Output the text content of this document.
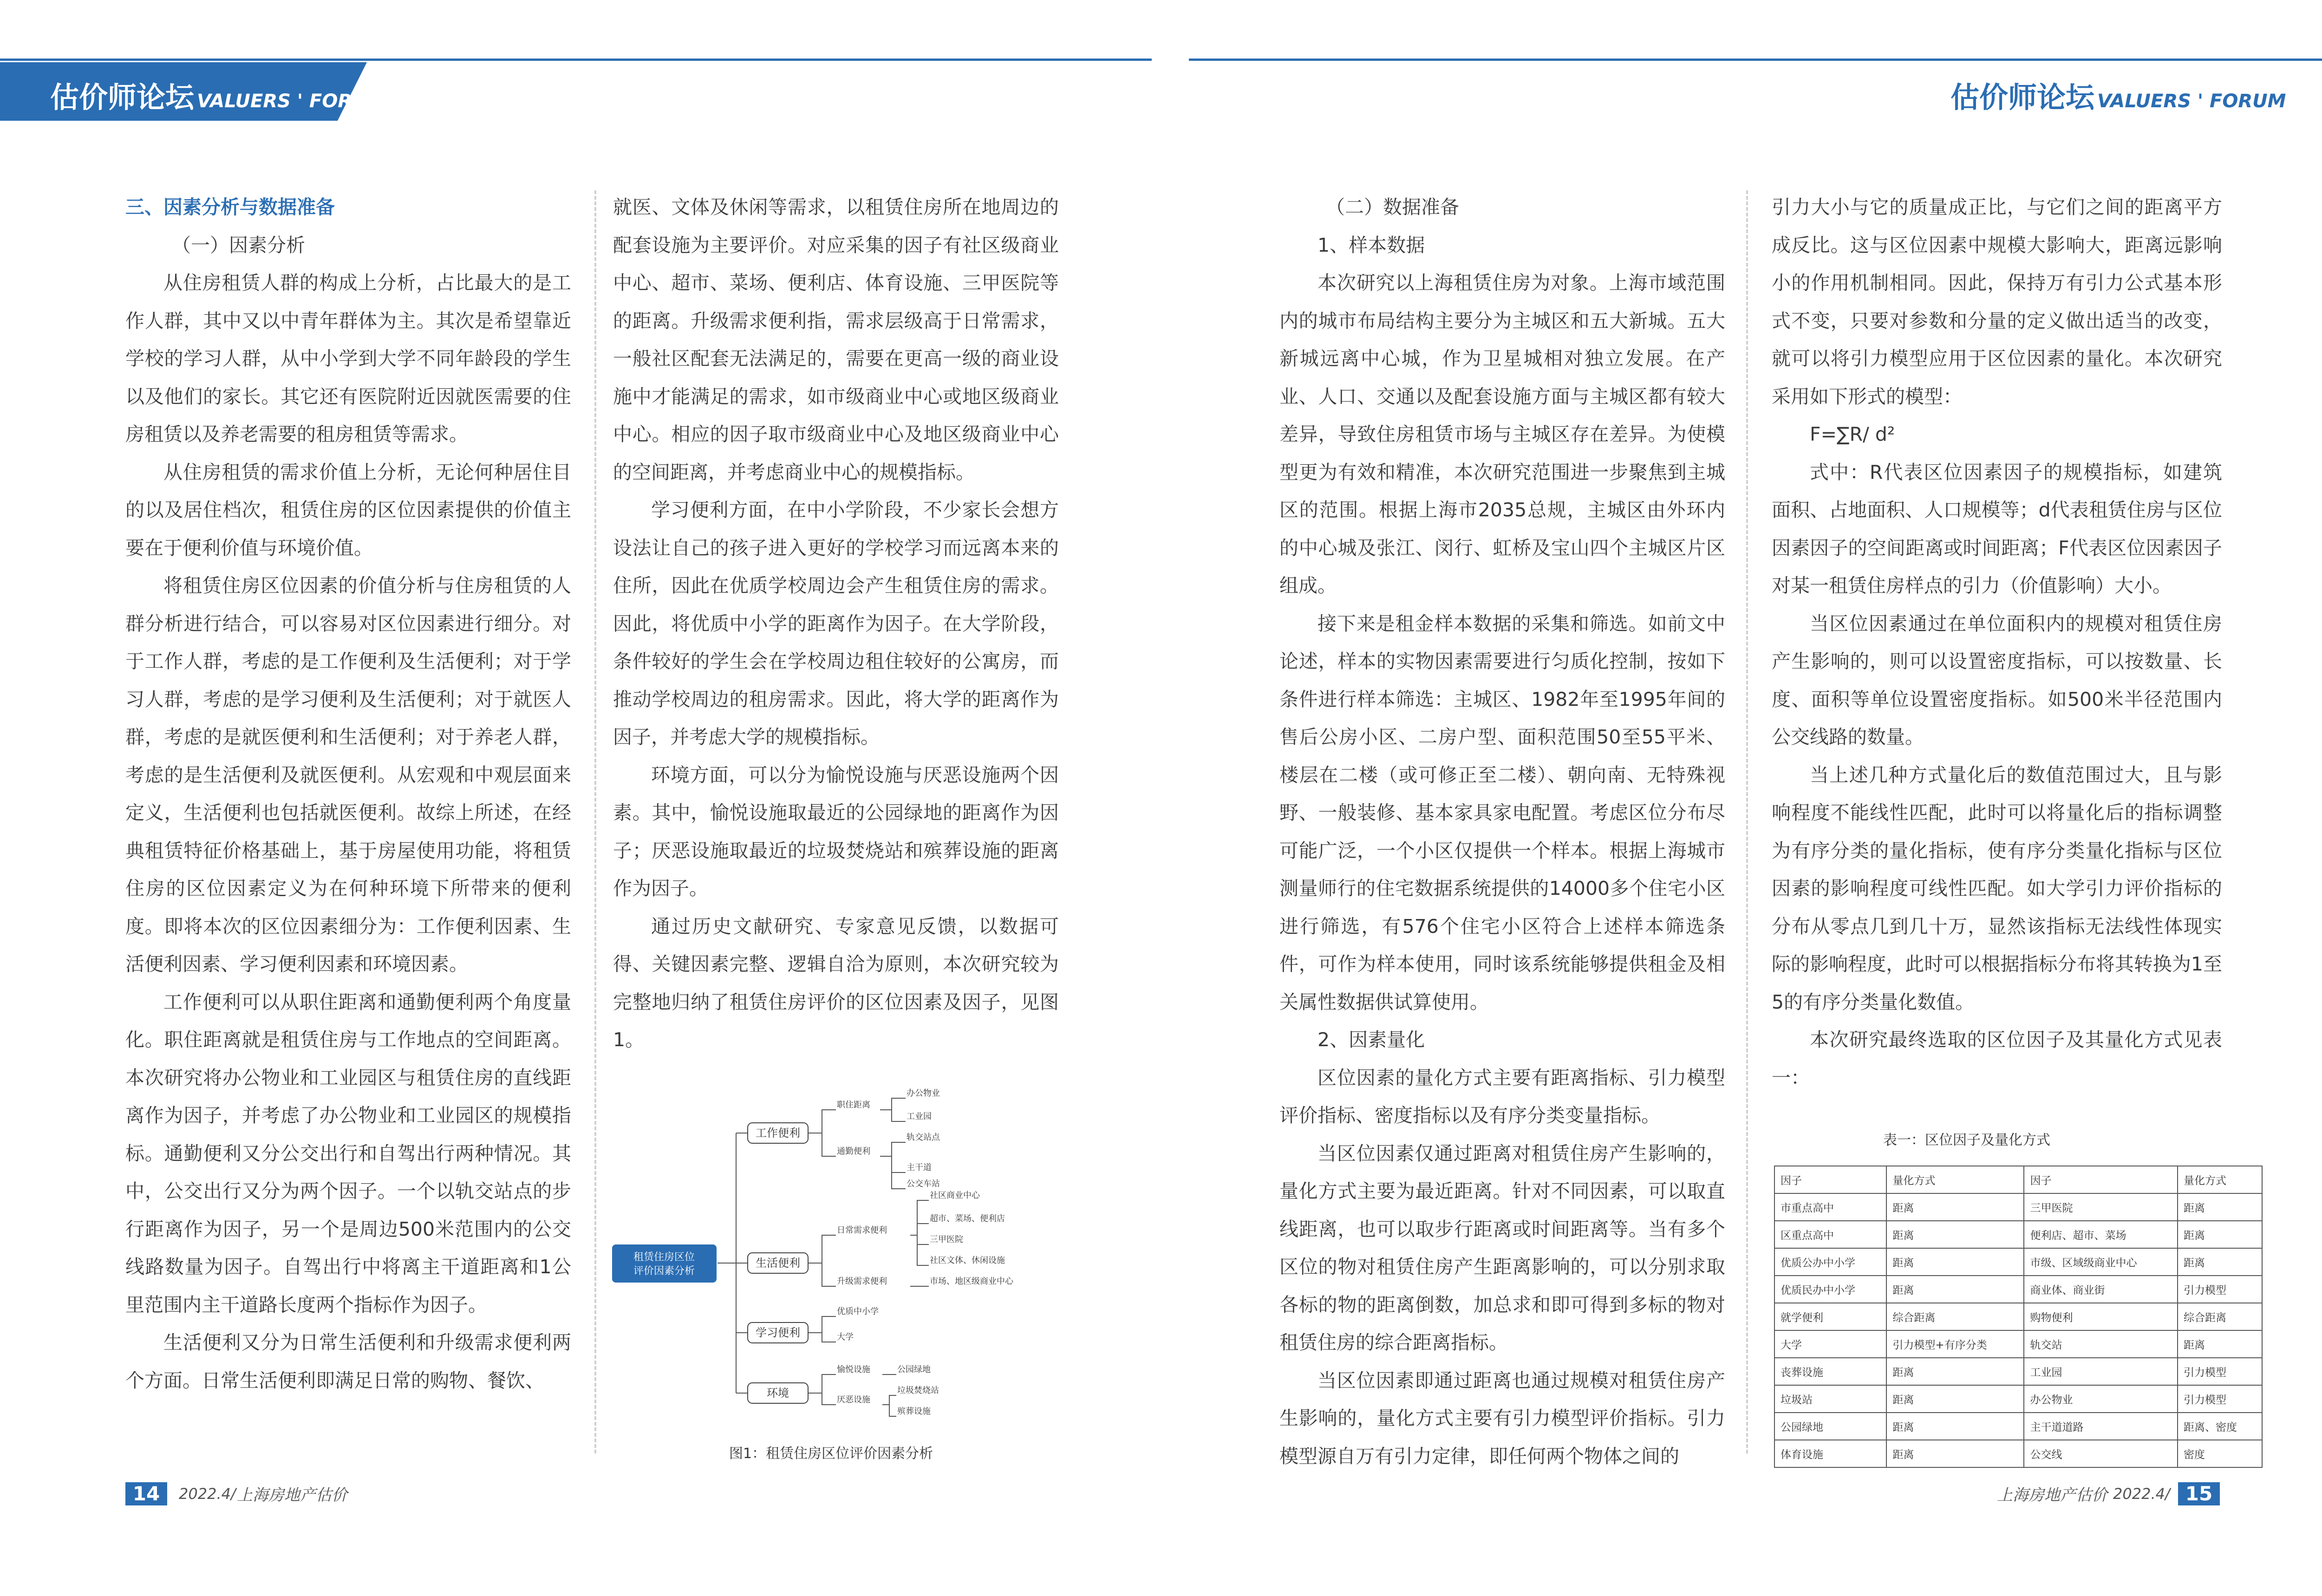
估价师论坛 VALUERS ' FORUM	估价师论坛 VALUERS ' FORUM
三、因素分析与数据准备
（一）因素分析

从住房租赁人群的构成上分析，占比最大的是工作人群，其中又以中青年群体为主。其次是希望靠近学校的学习人群，从中小学到大学不同年龄段的学生以及他们的家长。其它还有医院附近因就医需要的住房租赁以及养老需要的租房租赁等需求。

从住房租赁的需求价值上分析，无论何种居住目的以及居住档次，租赁住房的区位因素提供的价值主要在于便利价值与环境价值。

将租赁住房区位因素的价值分析与住房租赁的人群分析进行结合，可以容易对区位因素进行细分。对于工作人群，考虑的是工作便利及生活便利；对于学习人群，考虑的是学习便利及生活便利；对于就医人群，考虑的是就医便利和生活便利；对于养老人群，考虑的是生活便利及就医便利。从宏观和中观层面来定义，生活便利也包括就医便利。故综上所述，在经典租赁特征价格基础上，基于房屋使用功能，将租赁住房的区位因素定义为在何种环境下所带来的便利度。即将本次的区位因素细分为：工作便利因素、生活便利因素、学习便利因素和环境因素。

工作便利可以从职住距离和通勤便利两个角度量化。职住距离就是租赁住房与工作地点的空间距离。本次研究将办公物业和工业园区与租赁住房的直线距离作为因子，并考虑了办公物业和工业园区的规模指标。通勤便利又分公交出行和自驾出行两种情况。其中，公交出行又分为两个因子。一个以轨交站点的步行距离作为因子，另一个是周边500米范围内的公交线路数量为因子。自驾出行中将离主干道距离和1公里范围内主干道路长度两个指标作为因子。

生活便利又分为日常生活便利和升级需求便利两个方面。日常生活便利即满足日常的购物、餐饮、

就医、文体及休闲等需求，以租赁住房所在地周边的配套设施为主要评价。对应采集的因子有社区级商业中心、超市、菜场、便利店、体育设施、三甲医院等的距离。升级需求便利指，需求层级高于日常需求，一般社区配套无法满足的，需要在更高一级的商业设施中才能满足的需求，如市级商业中心或地区级商业中心。相应的因子取市级商业中心及地区级商业中心的空间距离，并考虑商业中心的规模指标。

学习便利方面，在中小学阶段，不少家长会想方设法让自己的孩子进入更好的学校学习而远离本来的住所，因此在优质学校周边会产生租赁住房的需求。因此，将优质中小学的距离作为因子。在大学阶段，条件较好的学生会在学校周边租住较好的公寓房，而推动学校周边的租房需求。因此，将大学的距离作为因子，并考虑大学的规模指标。

环境方面，可以分为愉悦设施与厌恶设施两个因素。其中，愉悦设施取最近的公园绿地的距离作为因子；厌恶设施取最近的垃圾焚烧站和殡葬设施的距离作为因子。

通过历史文献研究、专家意见反馈，以数据可得、关键因素完整、逻辑自洽为原则，本次研究较为完整地归纳了租赁住房评价的区位因素及因子，见图1。

租赁住房区位
评价因素分析
工作便利
生活便利
学习便利
环境
职住距离
通勤便利
办公物业
工业园
轨交站点
主干道
公交车站
日常需求便利
升级需求便利
社区商业中心
超市、菜场、便利店
三甲医院
社区文体、休闲设施
市场、地区级商业中心
优质中小学
大学
愉悦设施
厌恶设施
公园绿地
垃圾焚烧站
殡葬设施
图1：租赁住房区位评价因素分析
（二）数据准备

1、样本数据

本次研究以上海租赁住房为对象。上海市域范围内的城市布局结构主要分为主城区和五大新城。五大新城远离中心城，作为卫星城相对独立发展。在产业、人口、交通以及配套设施方面与主城区都有较大差异，导致住房租赁市场与主城区存在差异。为使模型更为有效和精准，本次研究范围进一步聚焦到主城区的范围。根据上海市2035总规，主城区由外环内的中心城及张江、闵行、虹桥及宝山四个主城区片区组成。

接下来是租金样本数据的采集和筛选。如前文中论述，样本的实物因素需要进行匀质化控制，按如下条件进行样本筛选：主城区、1982年至1995年间的售后公房小区、二房户型、面积范围50至55平米、楼层在二楼（或可修正至二楼）、朝向南、无特殊视野、一般装修、基本家具家电配置。考虑区位分布尽可能广泛，一个小区仅提供一个样本。根据上海城市测量师行的住宅数据系统提供的14000多个住宅小区进行筛选，有576个住宅小区符合上述样本筛选条件，可作为样本使用，同时该系统能够提供租金及相关属性数据供试算使用。

2、因素量化

区位因素的量化方式主要有距离指标、引力模型评价指标、密度指标以及有序分类变量指标。

当区位因素仅通过距离对租赁住房产生影响的，量化方式主要为最近距离。针对不同因素，可以取直线距离，也可以取步行距离或时间距离等。当有多个区位的物对租赁住房产生距离影响的，可以分别求取各标的物的距离倒数，加总求和即可得到多标的物对租赁住房的综合距离指标。

当区位因素即通过距离也通过规模对租赁住房产生影响的，量化方式主要有引力模型评价指标。引力模型源自万有引力定律，即任何两个物体之间的

引力大小与它的质量成正比，与它们之间的距离平方成反比。这与区位因素中规模大影响大，距离远影响小的作用机制相同。因此，保持万有引力公式基本形式不变，只要对参数和分量的定义做出适当的改变，就可以将引力模型应用于区位因素的量化。本次研究采用如下形式的模型：

F=∑R/ d²

式中：R代表区位因素因子的规模指标，如建筑面积、占地面积、人口规模等；d代表租赁住房与区位因素因子的空间距离或时间距离；F代表区位因素因子对某一租赁住房样点的引力（价值影响）大小。

当区位因素通过在单位面积内的规模对租赁住房产生影响的，则可以设置密度指标，可以按数量、长度、面积等单位设置密度指标。如500米半径范围内公交线路的数量。

当上述几种方式量化后的数值范围过大，且与影响程度不能线性匹配，此时可以将量化后的指标调整为有序分类的量化指标，使有序分类量化指标与区位因素的影响程度可线性匹配。如大学引力评价指标的分布从零点几到几十万，显然该指标无法线性体现实际的影响程度，此时可以根据指标分布将其转换为1至5的有序分类量化数值。

本次研究最终选取的区位因子及其量化方式见表一：

表一：区位因子及量化方式
因子	量化方式	因子	量化方式
市重点高中	距离	三甲医院	距离
区重点高中	距离	便利店、超市、菜场	距离
优质公办中小学	距离	市级、区域级商业中心	距离
优质民办中小学	距离	商业体、商业街	引力模型
就学便利	综合距离	购物便利	综合距离
大学	引力模型+有序分类	轨交站	距离
丧葬设施	距离	工业园	引力模型
垃圾站	距离	办公物业	引力模型
公园绿地	距离	主干道道路	距离、密度
体育设施	距离	公交线	密度
14	2022.4/ 上海房地产估价	上海房地产估价 2022.4/ 15
